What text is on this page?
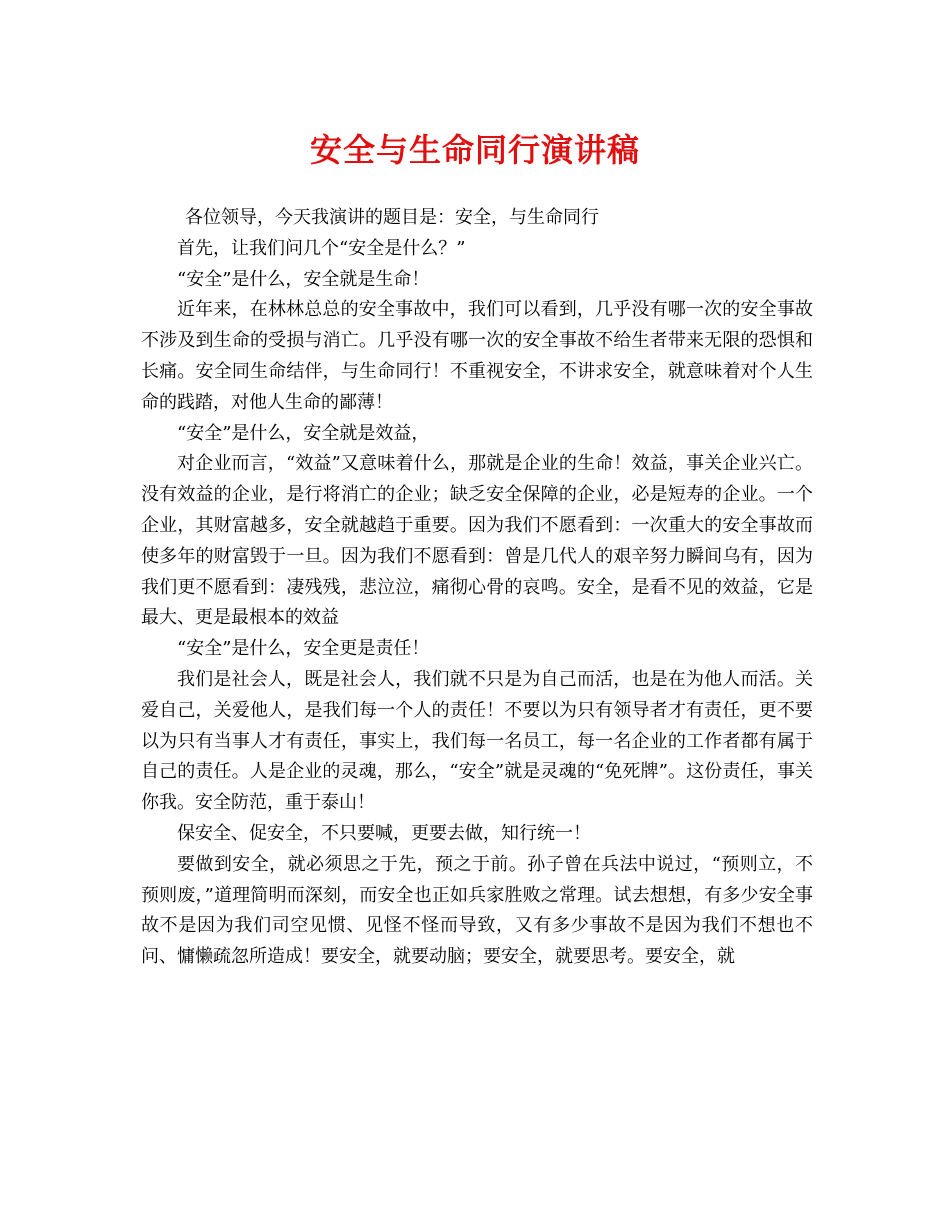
安全与生命同行演讲稿

各位领导，今天我演讲的题目是：安全，与生命同行

首先，让我们问几个“安全是什么？”

“安全”是什么，安全就是生命！

近年来，在林林总总的安全事故中，我们可以看到，几乎没有哪一次的安全事故不涉及到生命的受损与消亡。几乎没有哪一次的安全事故不给生者带来无限的恐惧和长痛。安全同生命结伴，与生命同行！不重视安全，不讲求安全，就意味着对个人生命的践踏，对他人生命的鄙薄！

“安全”是什么，安全就是效益，

对企业而言，“效益”又意味着什么，那就是企业的生命！效益，事关企业兴亡。没有效益的企业，是行将消亡的企业；缺乏安全保障的企业，必是短寿的企业。一个企业，其财富越多，安全就越趋于重要。因为我们不愿看到：一次重大的安全事故而使多年的财富毁于一旦。因为我们不愿看到：曾是几代人的艰辛努力瞬间乌有，因为我们更不愿看到：凄残残，悲泣泣，痛彻心骨的哀鸣。安全，是看不见的效益，它是最大、更是最根本的效益

“安全”是什么，安全更是责任！

我们是社会人，既是社会人，我们就不只是为自己而活，也是在为他人而活。关爱自己，关爱他人，是我们每一个人的责任！不要以为只有领导者才有责任，更不要以为只有当事人才有责任，事实上，我们每一名员工，每一名企业的工作者都有属于自己的责任。人是企业的灵魂，那么，“安全”就是灵魂的“免死牌”。这份责任，事关你我。安全防范，重于泰山！

保安全、促安全，不只要喊，更要去做，知行统一！

要做到安全，就必须思之于先，预之于前。孙子曾在兵法中说过，“预则立，不预则废，”道理简明而深刻，而安全也正如兵家胜败之常理。试去想想，有多少安全事故不是因为我们司空见惯、见怪不怪而导致，又有多少事故不是因为我们不想也不问、慵懒疏忽所造成！要安全，就要动脑；要安全，就要思考。要安全，就
